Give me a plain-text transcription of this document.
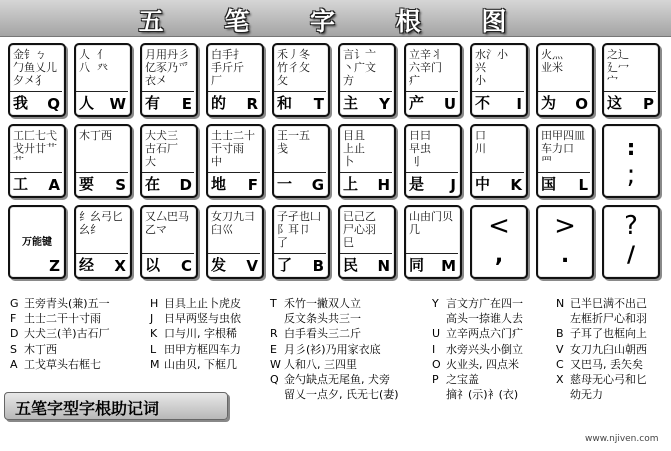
五 笔 字 根 图
金钅ㄅ
勹鱼乂儿
夕㐅犭
我 Q
人  亻
八  癶
人 W
月用丹彡
亿豕乃爫
衣㐅
有 E
白手扌
手斤斤
厂
的 R
禾丿冬
竹彳攵
攵
和 T
言讠亠
丶广文
方
主 Y
立辛丬
六辛门
疒
产 U
水氵小
兴
小
不 I
火灬
业米
为 O
之辶
廴冖
宀
这 P
工匚七弋
戈廾廿艹
艹
工 A
木丁西
要 S
大犬三
古石厂
大
在 D
土士二十
干寸雨
中
地 F
王一五
戋
一 G
目且
上止
卜
上 H
日曰
早虫
刂
是 J
口
川
中 K
田甲四皿
车力口
罒
国 L
:
;
万能键
Z
纟幺弓匕
幺纟
经 X
又厶巴马
乙マ
以 C
女刀九彐
臼巛
发 V
子孑也凵
阝耳卩
了
了 B
已己乙
尸心羽
巳
民 N
山由门贝
几
同 M
<
,
>
.
?
/
G 王旁青头(兼)五一
F 土士二干十寸雨
D 大犬三(羊)古石厂
S 木丁西
A 工戈草头右框七
H 目具上止卜虎皮
J 日早两竖与虫依
K 口与川, 字根稀
L 田甲方框四车力
M 山由贝, 下框几
T 禾竹一撇双人立
反文条头共三一
R 白手看头三二斤
E 月彡(衫)乃用家衣底
W 人和八, 三四里
Q 金勺缺点无尾鱼, 犬旁
留乂一点夕, 氏无七(妻)
Y 言文方广在四一
高头一捺谁人去
U 立辛两点六门疒
I 水旁兴头小倒立
O 火业头, 四点米
P 之宝盖
摘礻(示)衤(衣)
N 已半巳满不出己
左框折尸心和羽
B 子耳了也框向上
V 女刀九臼山朝西
C 又巴马, 丢矢矣
X 慈母无心弓和匕
幼无力
五笔字型字根助记词
www.njiven.com
